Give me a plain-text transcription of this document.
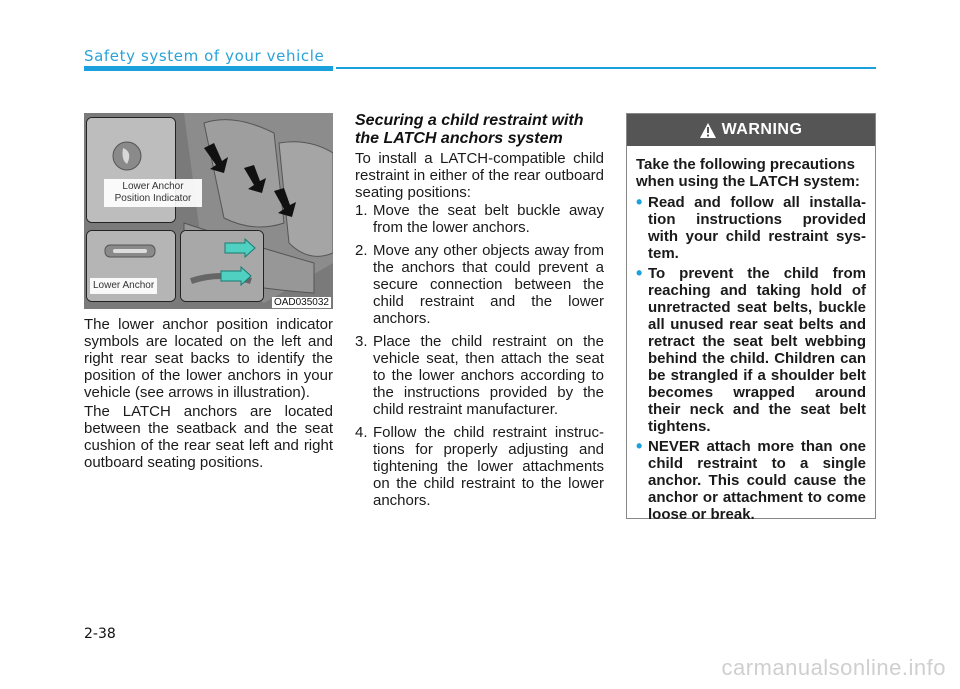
Safety system of your vehicle
Lower Anchor
Position Indicator
Lower Anchor
OAD035032

The lower anchor position indicator symbols are located on the left and right rear seat backs to identify the position of the lower anchors in your vehicle (see arrows in illustration).

The LATCH anchors are located between the seatback and the seat cushion of the rear seat left and right outboard seating positions.

Securing a child restraint with the LATCH anchors system

To install a LATCH-compatible child restraint in either of the rear outboard seating positions:

1. Move the seat belt buckle away from the lower anchors.
2. Move any other objects away from the anchors that could prevent a secure connection between the child restraint and the lower anchors.
3. Place the child restraint on the vehicle seat, then attach the seat to the lower anchors according to the instructions provided by the child restraint manufacturer.
4. Follow the child restraint instruc-tions for properly adjusting and tightening the lower attachments on the child restraint to the lower anchors.
WARNING

Take the following precautions when using the LATCH system:

• Read and follow all installa-tion instructions provided with your child restraint sys-tem.
• To prevent the child from reaching and taking hold of unretracted seat belts, buckle all unused rear seat belts and retract the seat belt webbing behind the child. Children can be strangled if a shoulder belt becomes wrapped around their neck and the seat belt tightens.
• NEVER attach more than one child restraint to a single anchor. This could cause the anchor or attachment to come loose or break.
2-38
carmanualsonline.info
